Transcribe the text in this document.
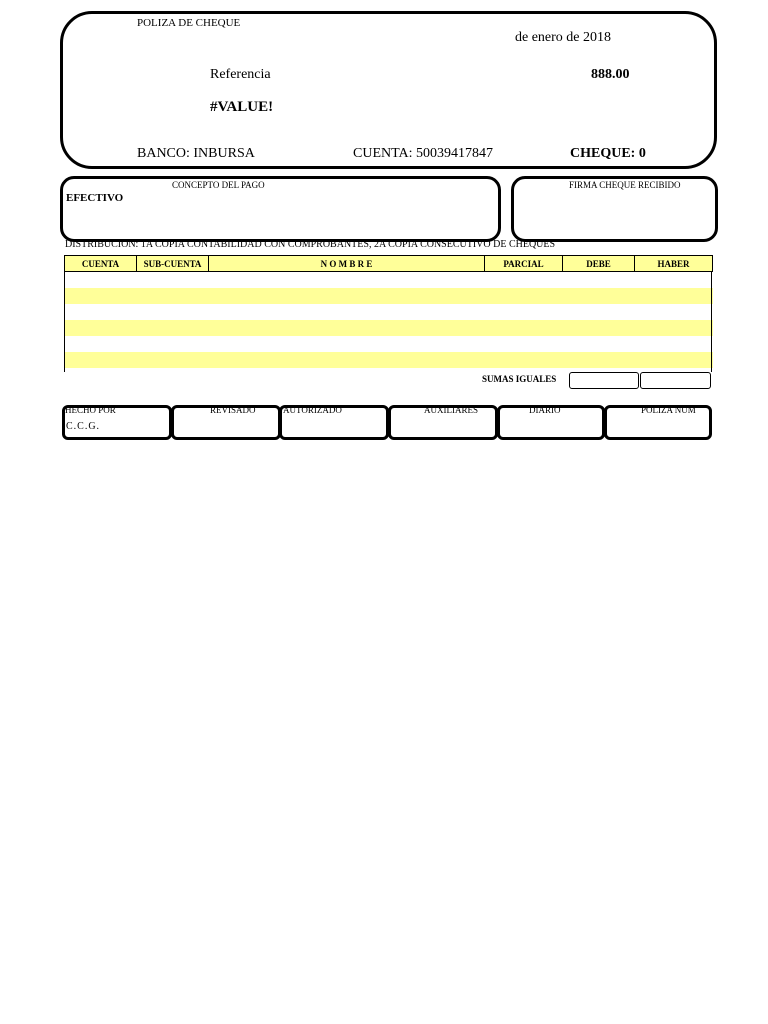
POLIZA DE CHEQUE
de enero de 2018
Referencia	888.00
#VALUE!
BANCO: INBURSA	CUENTA: 50039417847	CHEQUE: 0
CONCEPTO DEL PAGO
EFECTIVO
FIRMA CHEQUE RECIBIDO
DISTRIBUCION: 1A COPIA CONTABILIDAD CON COMPROBANTES, 2A COPIA CONSECUTIVO DE CHEQUES
CUENTA	SUB-CUENTA	N O M B R E	PARCIAL	DEBE	HABER

SUMAS IGUALES
HECHO POR
C.C.G.
REVISADO	AUTORIZADO	AUXILIARES	DIARIO	POLIZA NUM
